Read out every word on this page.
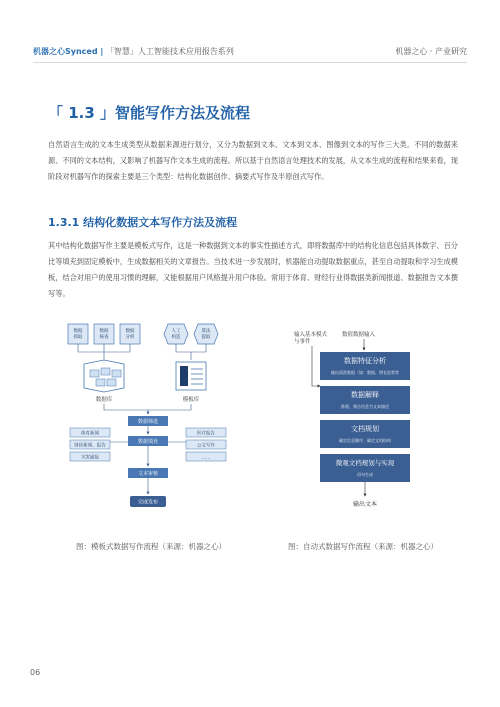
机器之心Synced | 「智慧」人工智能技术应用报告系列	机器之心 · 产业研究
「 1.3 」智能写作方法及流程
自然语言生成的文本生成类型从数据来源进行划分，又分为数据到文本、文本到文本、图像到文本的写作三大类。不同的数据来源、不同的文本结构，又影响了机器写作文本生成的流程。所以基于自然语言处理技术的发展，从文本生成的流程和结果来看，现阶段对机器写作的探索主要是三个类型：结构化数据创作、摘要式写作及半原创式写作。
1.3.1 结构化数据文本写作方法及流程
其中结构化数据写作主要是模板式写作，这是一种数据到文本的事实性描述方式，即将数据库中的结构化信息包括具体数字、百分比等填充到固定模板中，生成数据相关的文章报告。当技术进一步发展时，机器能自动提取数据重点，甚至自动提取和学习生成模板，结合对用户的使用习惯的理解，又能根据用户风格提升用户体验。常用于体育、财经行业得数据类新闻报道、数据报告文本撰写等。
数据
抓取
数据
核查
数据
分析
人工
构造
算法
提取
数据库	模板库
数据筛选
体育新闻
财经新闻、报告
灾害通报
数据填充
医疗报告
公文写作
……
文本审核
完成发布
输入基本模式
与事件
数值数据输入
数据特征分析
输出清洗数据（如：数据、增长趋势等
数据解释
推理、聚合信息为文本描述
文档规划
确定信息顺序、确定文档结构
微观文档规划与实现
语句生成
输出文本
图：模板式数据写作流程（来源：机器之心）	图：自动式数据写作流程（来源：机器之心）
06
